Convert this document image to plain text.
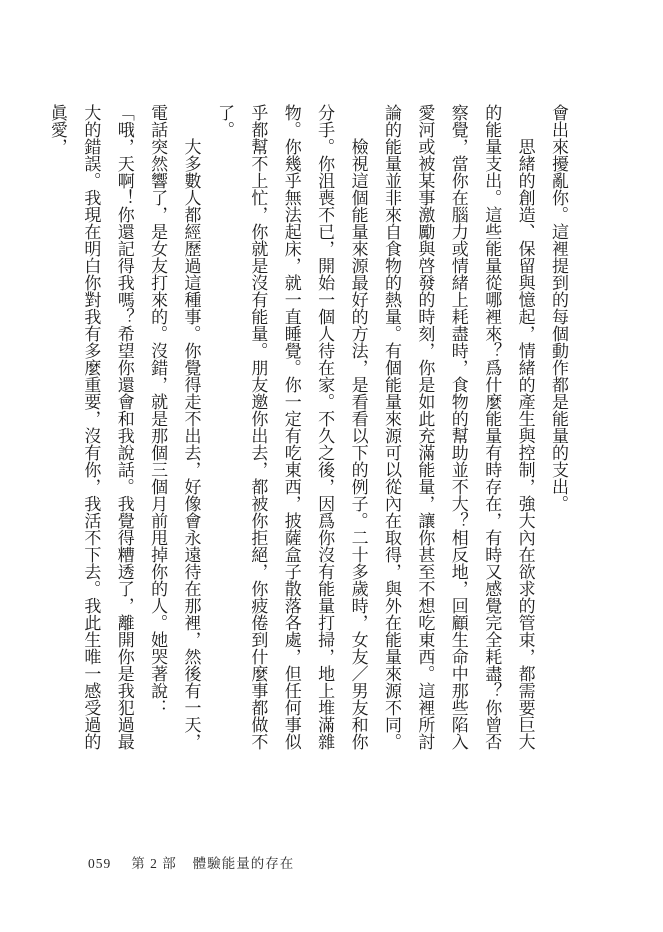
會出來擾亂你。這裡提到的每個動作都是能量的支出。

思緒的創造、保留與憶起，情緒的產生與控制，強大內在欲求的管束，都需要巨大的能量支出。這些能量從哪裡來？爲什麼能量有時存在，有時又感覺完全耗盡？你曾否察覺，當你在腦力或情緒上耗盡時，食物的幫助並不大？相反地，回顧生命中那些陷入愛河或被某事激勵與啓發的時刻，你是如此充滿能量，讓你甚至不想吃東西。這裡所討論的能量並非來自食物的熱量。有個能量來源可以從內在取得，與外在能量來源不同。

檢視這個能量來源最好的方法，是看看以下的例子。二十多歲時，女友／男友和你分手。你沮喪不已，開始一個人待在家。不久之後，因爲你沒有能量打掃，地上堆滿雜物。你幾乎無法起床，就一直睡覺。你一定有吃東西，披薩盒子散落各處，但任何事似乎都幫不上忙，你就是沒有能量。朋友邀你出去，都被你拒絕，你疲倦到什麼事都做不了。

大多數人都經歷過這種事。你覺得走不出去，好像會永遠待在那裡，然後有一天，電話突然響了，是女友打來的。沒錯，就是那個三個月前甩掉你的人。她哭著說：「哦，天啊！你還記得我嗎？希望你還會和我說話。我覺得糟透了，離開你是我犯過最大的錯誤。我現在明白你對我有多麼重要，沒有你，我活不下去。我此生唯一感受過的眞愛，

059 第 2 部 體驗能量的存在
